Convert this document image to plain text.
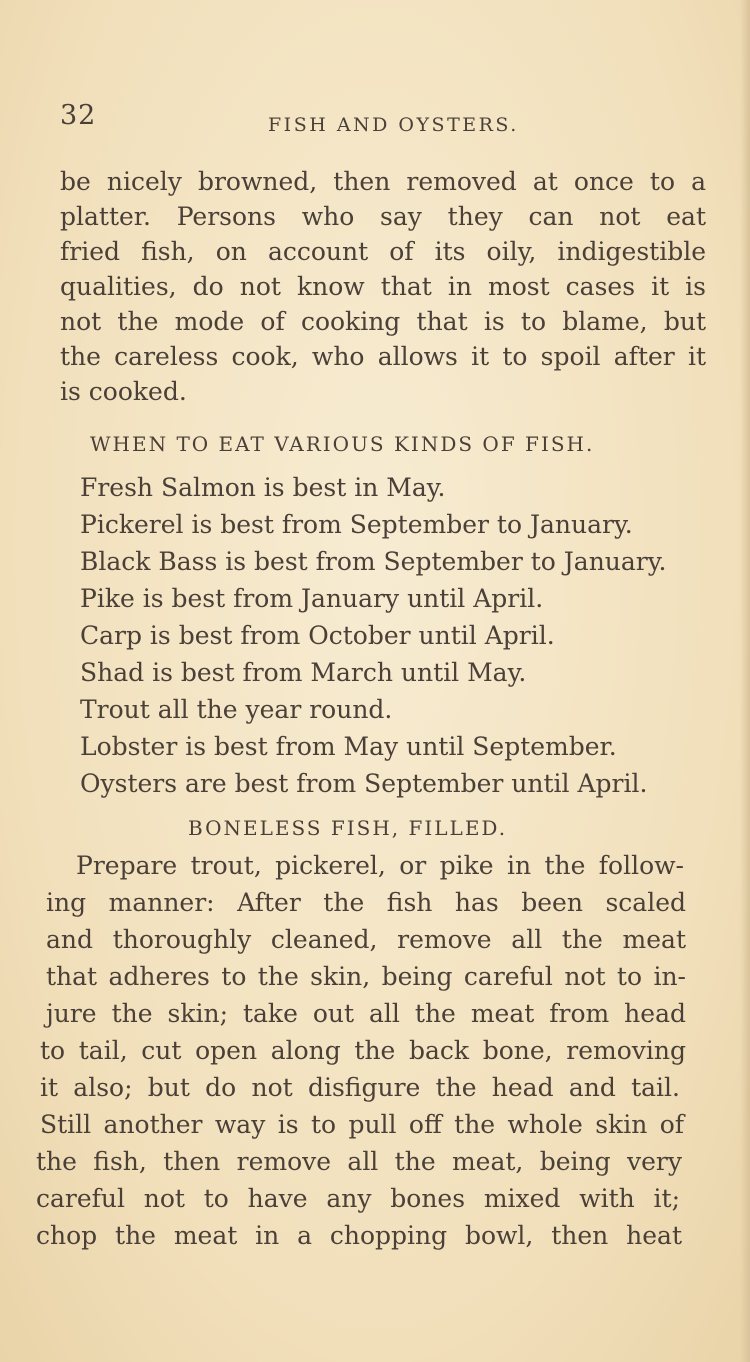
32	FISH AND OYSTERS.
be nicely browned, then removed at once to a
platter. Persons who say they can not eat
fried fish, on account of its oily, indigestible
qualities, do not know that in most cases it is
not the mode of cooking that is to blame, but
the careless cook, who allows it to spoil after it
is cooked.
WHEN TO EAT VARIOUS KINDS OF FISH.
Fresh Salmon is best in May.
Pickerel is best from September to January.
Black Bass is best from September to January.
Pike is best from January until April.
Carp is best from October until April.
Shad is best from March until May.
Trout all the year round.
Lobster is best from May until September.
Oysters are best from September until April.
BONELESS FISH, FILLED.
Prepare trout, pickerel, or pike in the follow-
ing manner: After the fish has been scaled
and thoroughly cleaned, remove all the meat
that adheres to the skin, being careful not to in-
jure the skin; take out all the meat from head
to tail, cut open along the back bone, removing
it also; but do not disfigure the head and tail.
Still another way is to pull off the whole skin of
the fish, then remove all the meat, being very
careful not to have any bones mixed with it;
chop the meat in a chopping bowl, then heat
